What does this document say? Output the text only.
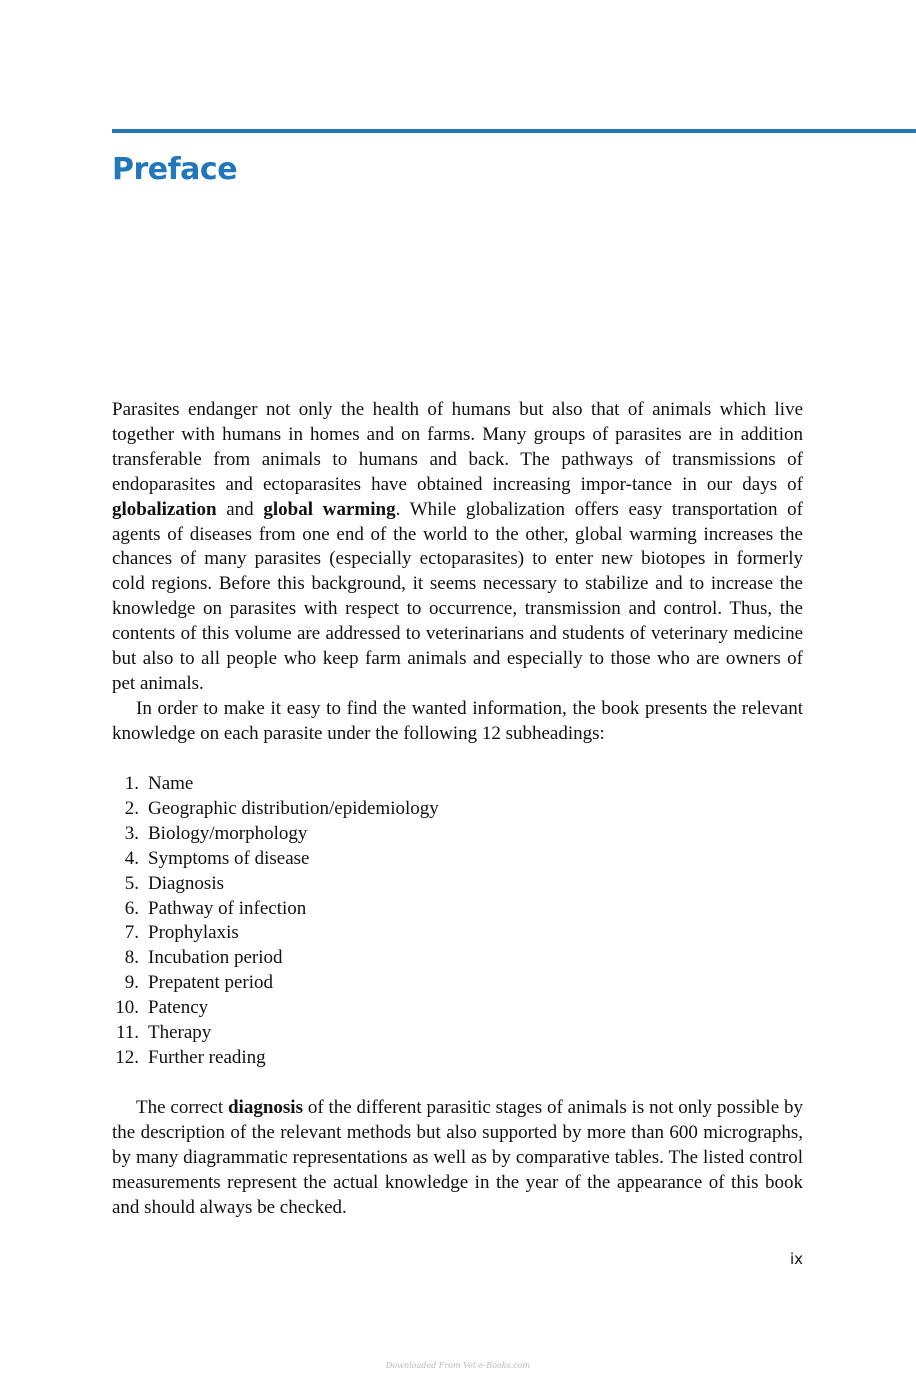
Preface

Parasites endanger not only the health of humans but also that of animals which live together with humans in homes and on farms. Many groups of parasites are in addition transferable from animals to humans and back. The pathways of transmissions of endoparasites and ectoparasites have obtained increasing impor-tance in our days of globalization and global warming. While globalization offers easy transportation of agents of diseases from one end of the world to the other, global warming increases the chances of many parasites (especially ectoparasites) to enter new biotopes in formerly cold regions. Before this background, it seems necessary to stabilize and to increase the knowledge on parasites with respect to occurrence, transmission and control. Thus, the contents of this volume are addressed to veterinarians and students of veterinary medicine but also to all people who keep farm animals and especially to those who are owners of pet animals.

In order to make it easy to find the wanted information, the book presents the relevant knowledge on each parasite under the following 12 subheadings:

1. Name
2. Geographic distribution/epidemiology
3. Biology/morphology
4. Symptoms of disease
5. Diagnosis
6. Pathway of infection
7. Prophylaxis
8. Incubation period
9. Prepatent period
10. Patency
11. Therapy
12. Further reading

The correct diagnosis of the different parasitic stages of animals is not only possible by the description of the relevant methods but also supported by more than 600 micrographs, by many diagrammatic representations as well as by comparative tables. The listed control measurements represent the actual knowledge in the year of the appearance of this book and should always be checked.

ix
Downloaded From Vet-e-Books.com
